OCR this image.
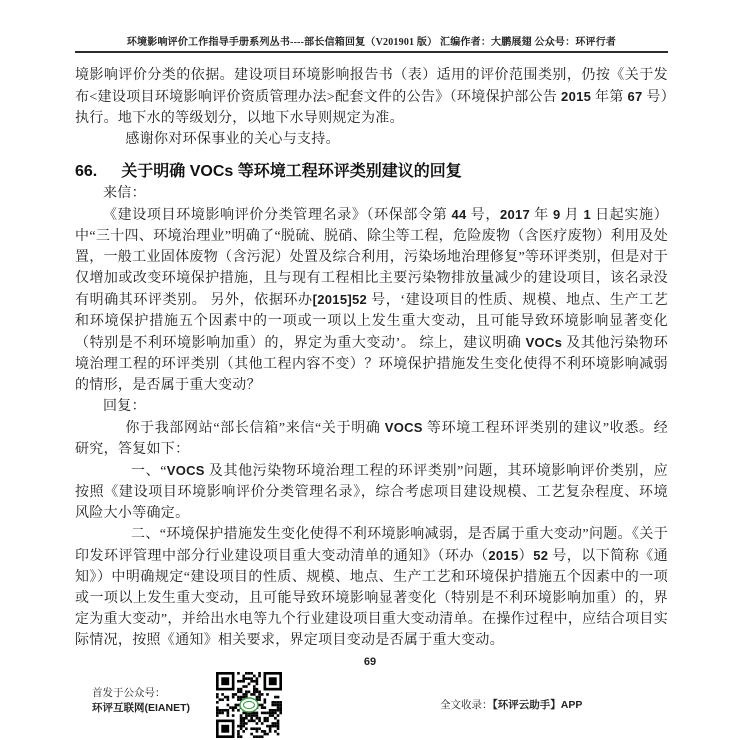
环境影响评价工作指导手册系列丛书----部长信箱回复（V201901 版） 汇编作者：大鹏展翅 公众号：环评行者

境影响评价分类的依据。建设项目环境影响报告书（表）适用的评价范围类别，仍按《关于发布<建设项目环境影响评价资质管理办法>配套文件的公告》（环境保护部公告 2015 年第 67 号）执行。地下水的等级划分，以地下水导则规定为准。

感谢你对环保事业的关心与支持。

66. 关于明确 VOCs 等环境工程环评类别建议的回复

来信：

《建设项目环境影响评价分类管理名录》（环保部令第 44 号，2017 年 9 月 1 日起实施）中“三十四、环境治理业”明确了“脱硫、脱硝、除尘等工程，危险废物（含医疗废物）利用及处置，一般工业固体废物（含污泥）处置及综合利用，污染场地治理修复”等环评类别，但是对于仅增加或改变环境保护措施，且与现有工程相比主要污染物排放量减少的建设项目，该名录没有明确其环评类别。 另外，依据环办[2015]52 号，‘建设项目的性质、规模、地点、生产工艺和环境保护措施五个因素中的一项或一项以上发生重大变动，且可能导致环境影响显著变化（特别是不利环境影响加重）的，界定为重大变动’。 综上，建议明确 VOCs 及其他污染物环境治理工程的环评类别（其他工程内容不变）？环境保护措施发生变化使得不利环境影响减弱的情形，是否属于重大变动？

回复：

你于我部网站“部长信箱”来信“关于明确 VOCS 等环境工程环评类别的建议”收悉。经研究，答复如下：

一、“VOCS 及其他污染物环境治理工程的环评类别”问题，其环境影响评价类别，应按照《建设项目环境影响评价分类管理名录》，综合考虑项目建设规模、工艺复杂程度、环境风险大小等确定。

二、“环境保护措施发生变化使得不利环境影响减弱，是否属于重大变动”问题。《关于印发环评管理中部分行业建设项目重大变动清单的通知》（环办（2015）52 号，以下简称《通知》）中明确规定“建设项目的性质、规模、地点、生产工艺和环境保护措施五个因素中的一项或一项以上发生重大变动，且可能导致环境影响显著变化（特别是不利环境影响加重）的，界定为重大变动”，并给出水电等九个行业建设项目重大变动清单。在操作过程中，应结合项目实际情况，按照《通知》相关要求，界定项目变动是否属于重大变动。

69
首发于公众号：
环评互联网(EIANET)	全文收录：【环评云助手】APP
